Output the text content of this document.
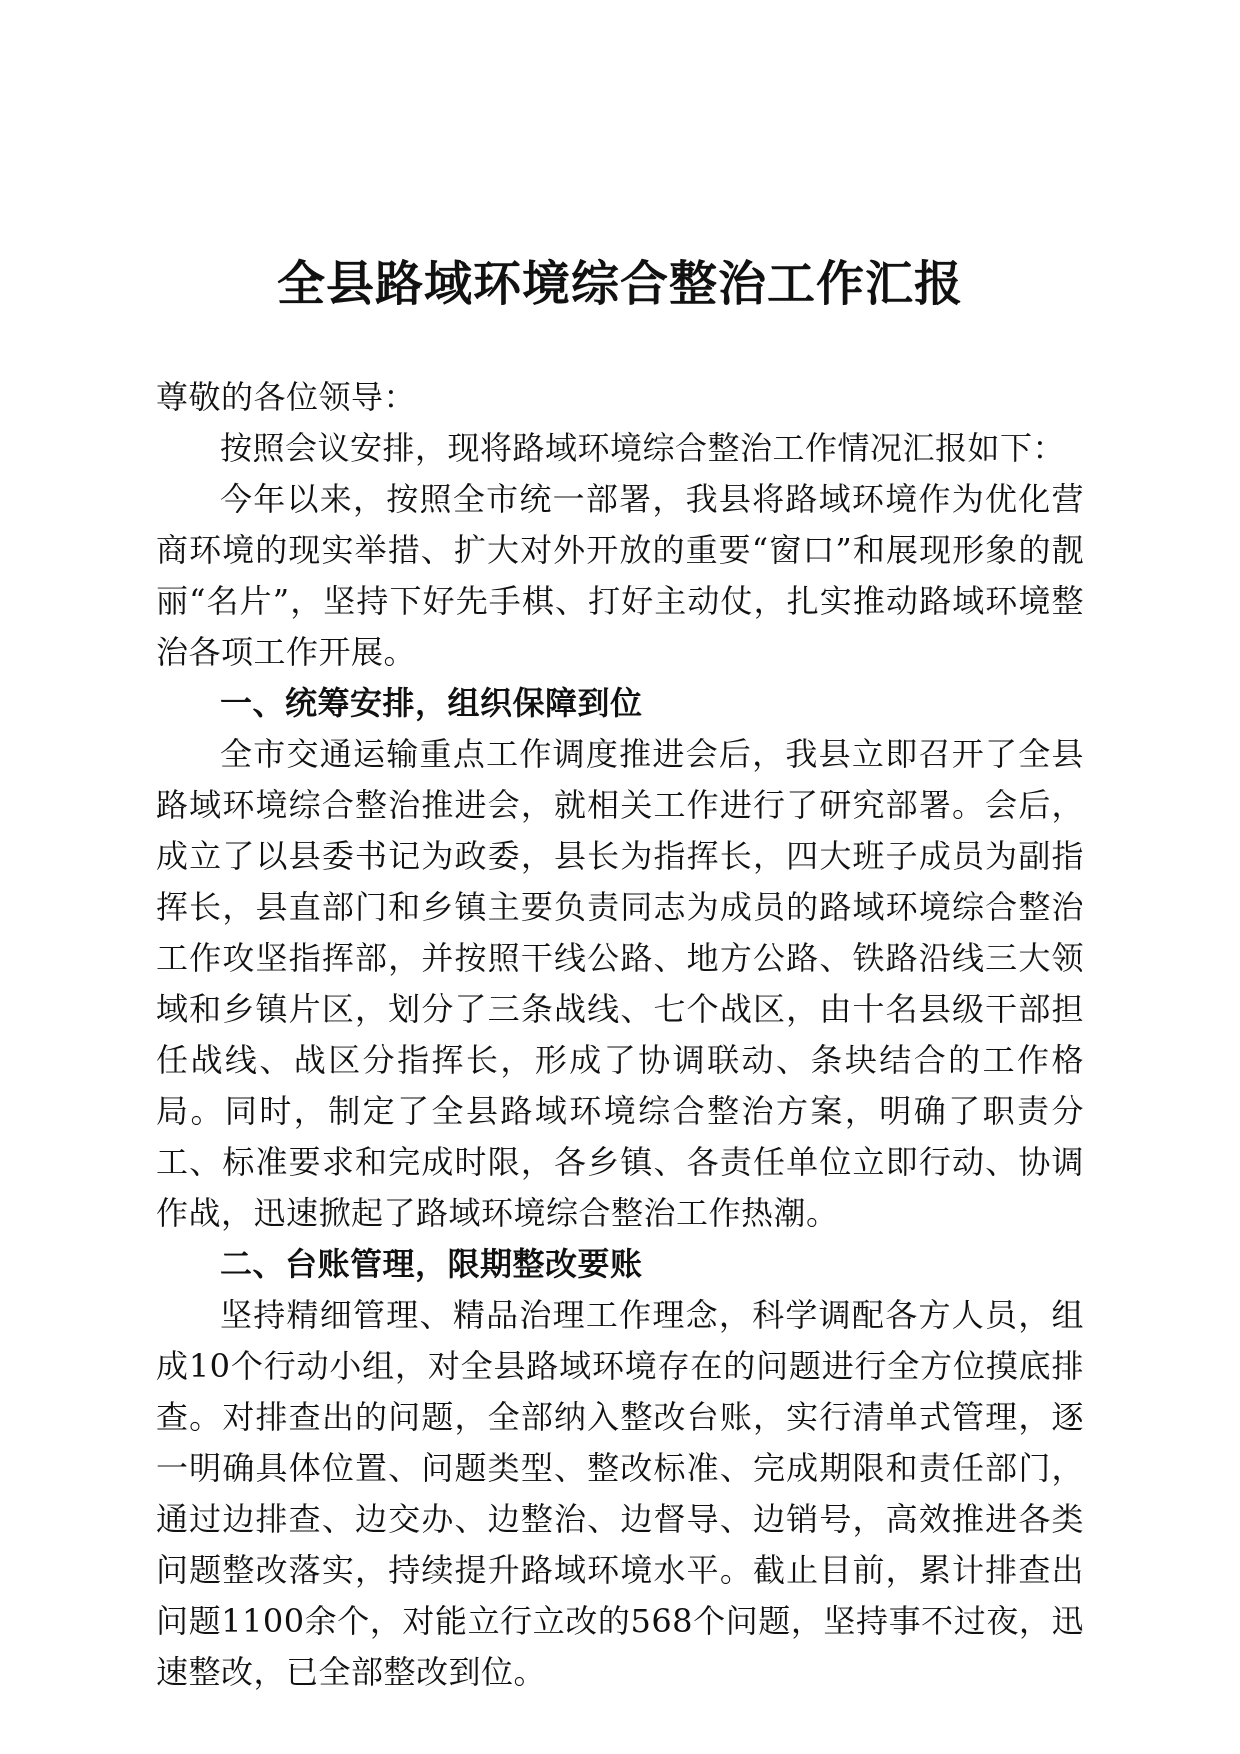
全县路域环境综合整治工作汇报

尊敬的各位领导：

按照会议安排，现将路域环境综合整治工作情况汇报如下：

今年以来，按照全市统一部署，我县将路域环境作为优化营商环境的现实举措、扩大对外开放的重要“窗口”和展现形象的靓丽“名片”，坚持下好先手棋、打好主动仗，扎实推动路域环境整治各项工作开展。

一、统筹安排，组织保障到位

全市交通运输重点工作调度推进会后，我县立即召开了全县路域环境综合整治推进会，就相关工作进行了研究部署。会后，成立了以县委书记为政委，县长为指挥长，四大班子成员为副指挥长，县直部门和乡镇主要负责同志为成员的路域环境综合整治工作攻坚指挥部，并按照干线公路、地方公路、铁路沿线三大领域和乡镇片区，划分了三条战线、七个战区，由十名县级干部担任战线、战区分指挥长，形成了协调联动、条块结合的工作格局。同时，制定了全县路域环境综合整治方案，明确了职责分工、标准要求和完成时限，各乡镇、各责任单位立即行动、协调作战，迅速掀起了路域环境综合整治工作热潮。

二、台账管理，限期整改要账

坚持精细管理、精品治理工作理念，科学调配各方人员，组成10个行动小组，对全县路域环境存在的问题进行全方位摸底排查。对排查出的问题，全部纳入整改台账，实行清单式管理，逐一明确具体位置、问题类型、整改标准、完成期限和责任部门，通过边排查、边交办、边整治、边督导、边销号，高效推进各类问题整改落实，持续提升路域环境水平。截止目前，累计排查出问题1100余个，对能立行立改的568个问题，坚持事不过夜，迅速整改，已全部整改到位。
